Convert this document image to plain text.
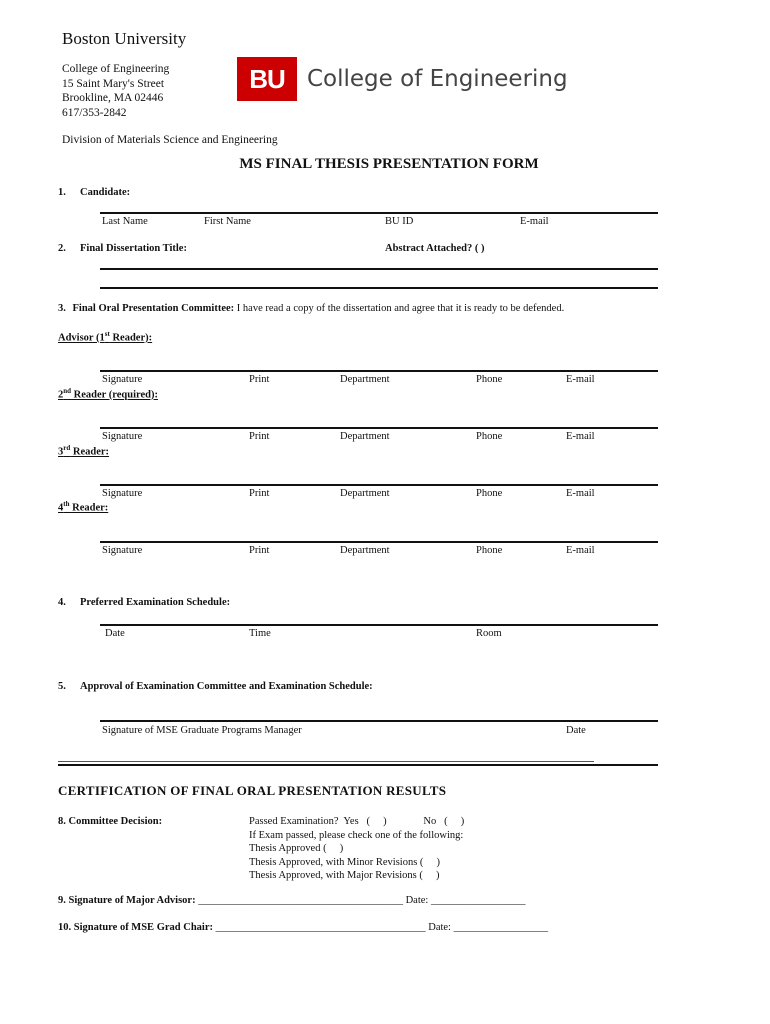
Boston University
College of Engineering
15 Saint Mary's Street
Brookline, MA 02446
617/353-2842
BU College of Engineering
Division of Materials Science and Engineering
MS FINAL THESIS PRESENTATION FORM
1. Candidate:
Last Name	First Name	BU ID	E-mail
2. Final Dissertation Title:	Abstract Attached? ( )
3. Final Oral Presentation Committee: I have read a copy of the dissertation and agree that it is ready to be defended.
Advisor (1st Reader):
Signature	Print	Department	Phone	E-mail
2nd Reader (required):
Signature	Print	Department	Phone	E-mail
3rd Reader:
Signature	Print	Department	Phone	E-mail
4th Reader:
Signature	Print	Department	Phone	E-mail
4. Preferred Examination Schedule:
Date	Time	Room
5. Approval of Examination Committee and Examination Schedule:
Signature of MSE Graduate Programs Manager	Date
CERTIFICATION OF FINAL ORAL PRESENTATION RESULTS
8. Committee Decision:	Passed Examination?  Yes   (     )              No   (     )
If Exam passed, please check one of the following:
Thesis Approved (     )
Thesis Approved, with Minor Revisions (     )
Thesis Approved, with Major Revisions (     )
9. Signature of Major Advisor: _______________________________________ Date: __________________
10. Signature of MSE Grad Chair: ________________________________________ Date: __________________
